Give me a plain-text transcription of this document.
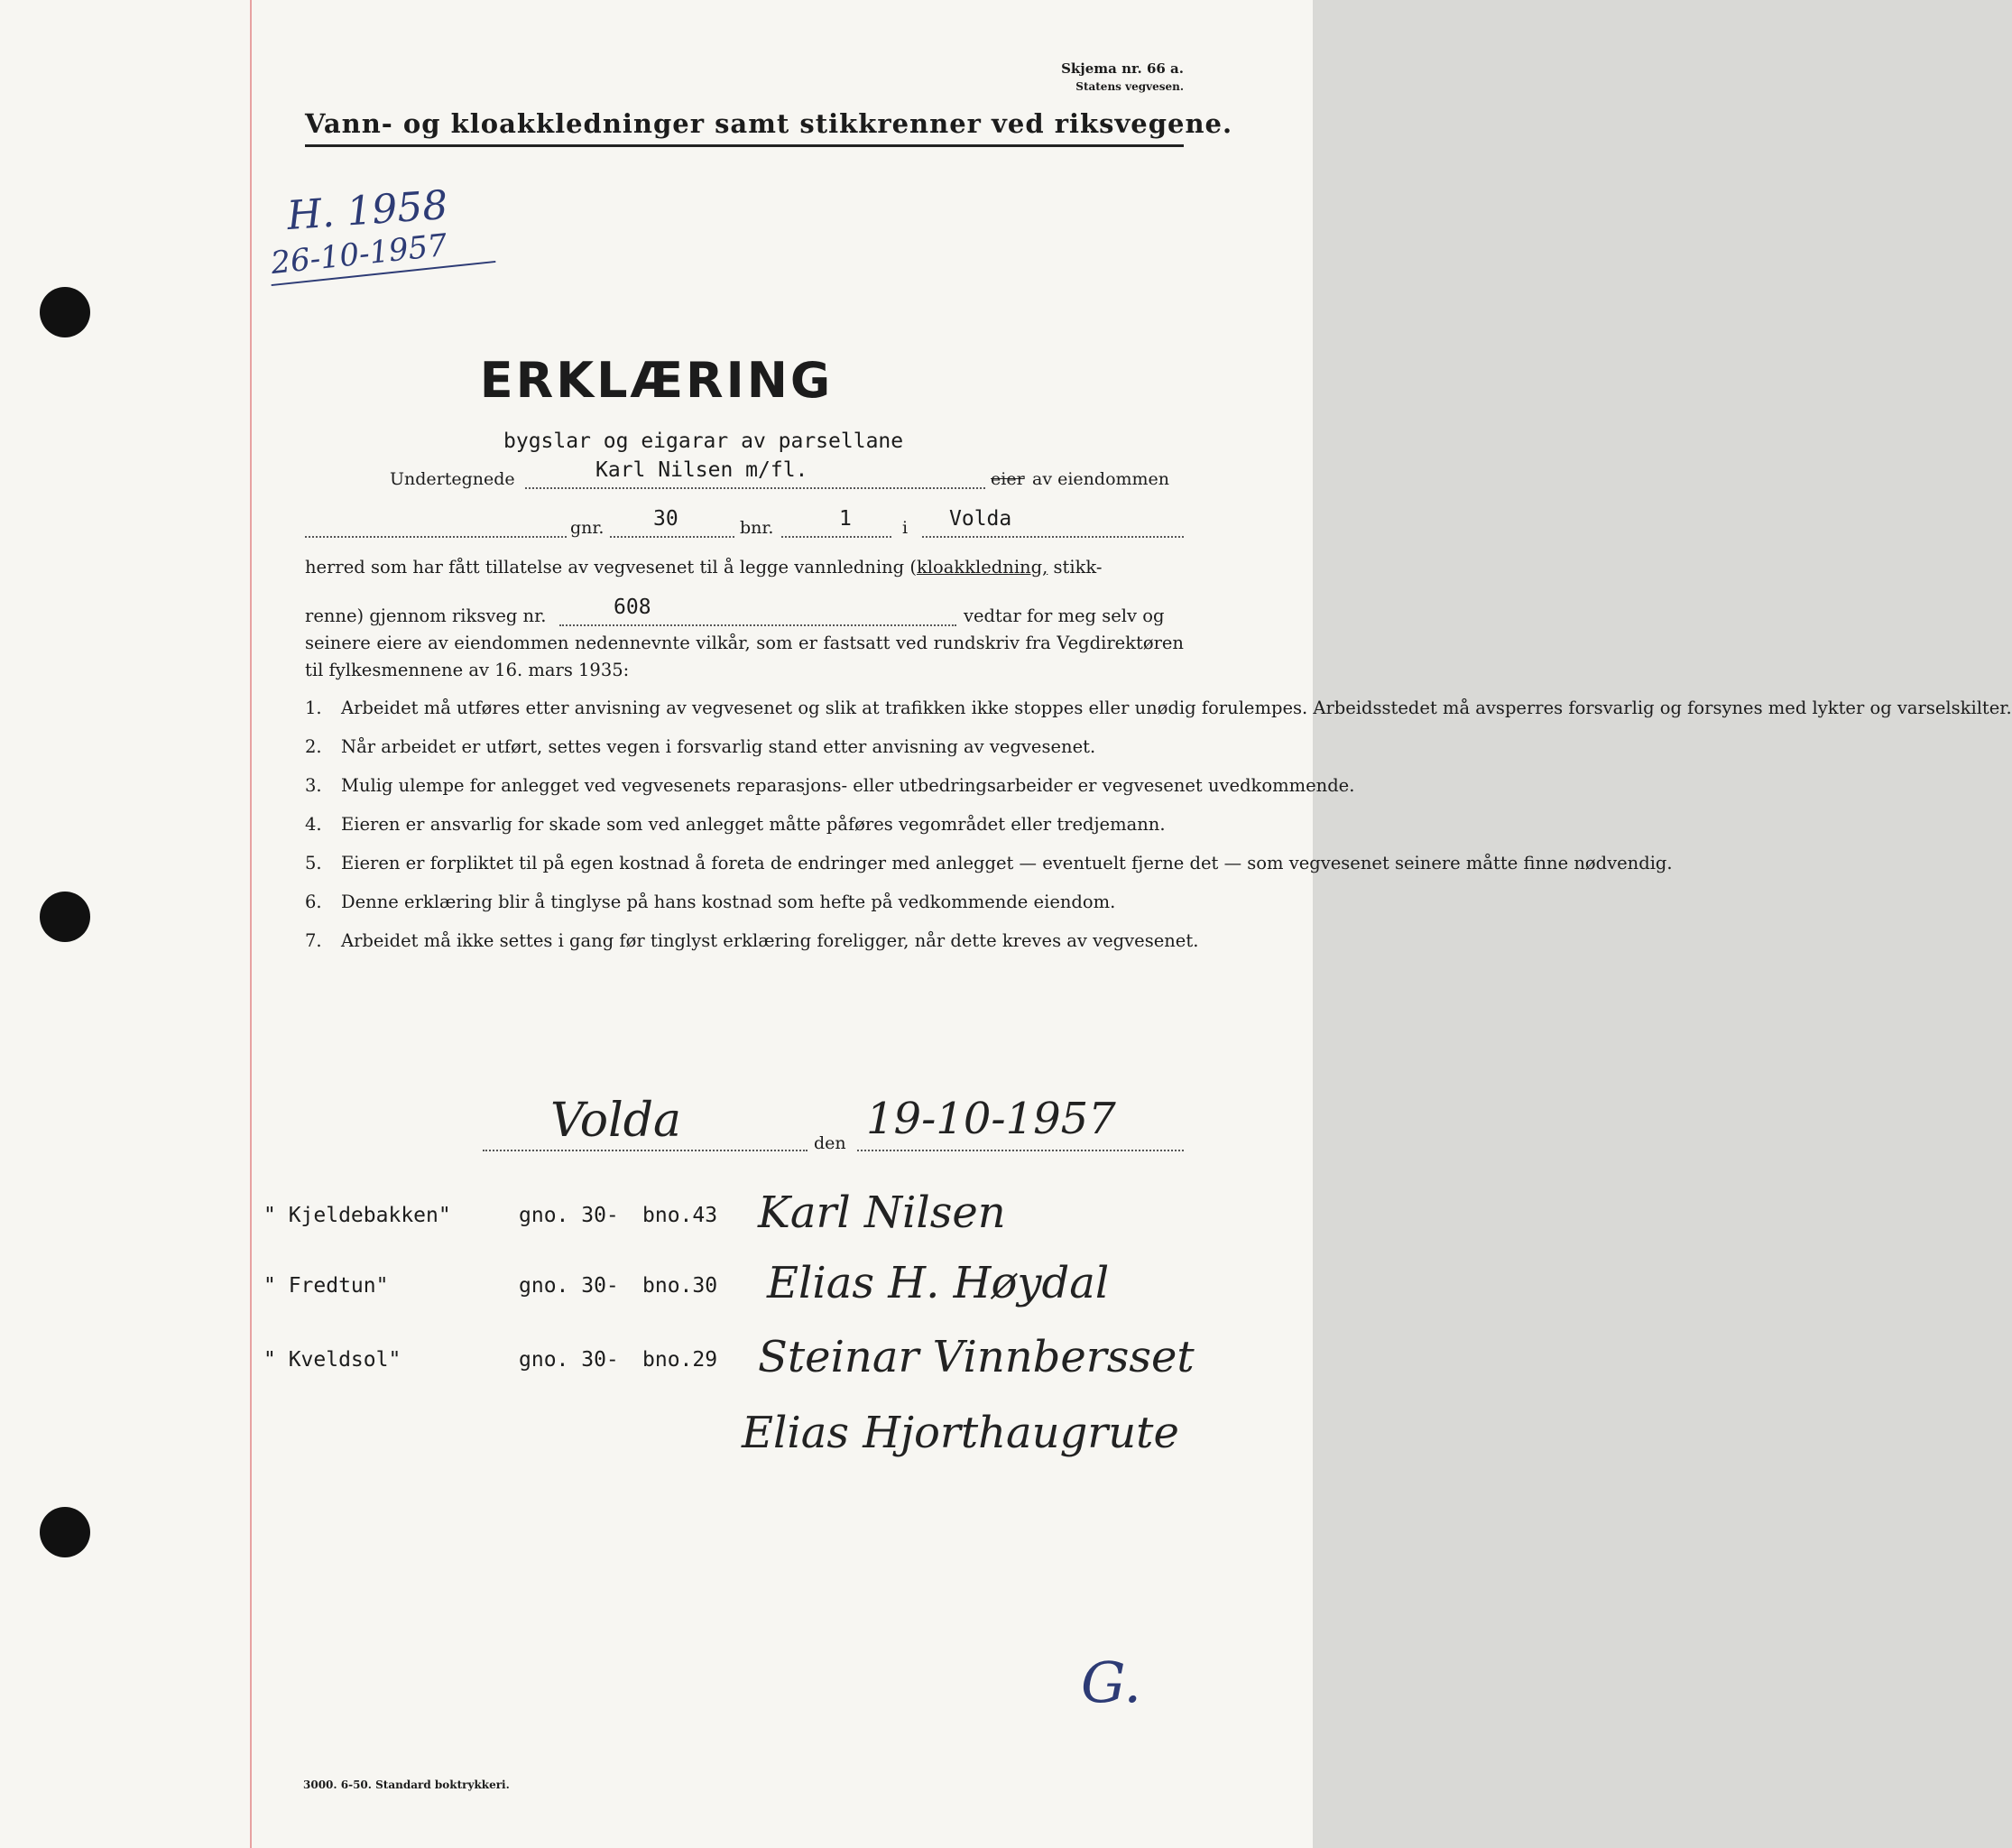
Skjema nr. 66 a.
Statens vegvesen.
Vann- og kloakkledninger samt stikkrenner ved riksvegene.
H. 1958
26-10-1957
ERKLÆRING
bygslar og eigarar av parsellane
Undertegnede	Karl Nilsen m/fl.	eier av eiendommen
gnr. 30	bnr.	1	i Volda
herred som har fått tillatelse av vegvesenet til å legge vannledning (kloakkledning, stikk-
renne) gjennom riksveg nr.	608	vedtar for meg selv og
seinere eiere av eiendommen nedennevnte vilkår, som er fastsatt ved rundskriv fra Vegdirektøren til fylkesmennene av 16. mars 1935:
1. Arbeidet må utføres etter anvisning av vegvesenet og slik at trafikken ikke stoppes eller unødig forulempes. Arbeidsstedet må avsperres forsvarlig og forsynes med lykter og varselskilter.
2. Når arbeidet er utført, settes vegen i forsvarlig stand etter anvisning av vegvesenet.
3. Mulig ulempe for anlegget ved vegvesenets reparasjons- eller utbedringsarbeider er vegvesenet uvedkommende.
4. Eieren er ansvarlig for skade som ved anlegget måtte påføres vegområdet eller tredjemann.
5. Eieren er forpliktet til på egen kostnad å foreta de endringer med anlegget — eventuelt fjerne det — som vegvesenet seinere måtte finne nødvendig.
6. Denne erklæring blir å tinglyse på hans kostnad som hefte på vedkommende eiendom.
7. Arbeidet må ikke settes i gang før tinglyst erklæring foreligger, når dette kreves av vegvesenet.
Volda	den 19-10-1957
" Kjeldebakken"	gno. 30- bno.43 Karl Nilsen
" Fredtun"	gno. 30- bno.30 Elias H. Høydal
" Kveldsol"	gno. 30- bno.29 Steinar Vinnbersset
Elias Hjorthaugrute
G.
3000. 6-50. Standard boktrykkeri.
